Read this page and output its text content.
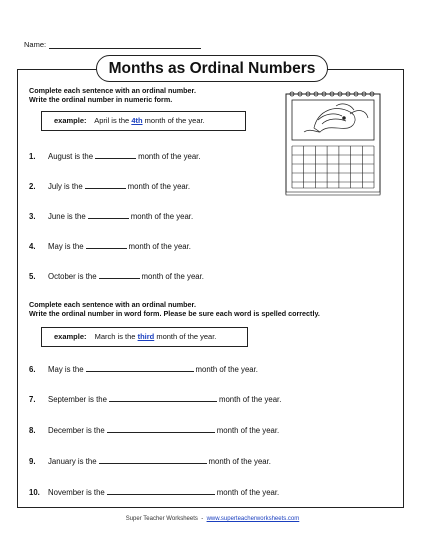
Name:
Months as Ordinal Numbers
Complete each sentence with an ordinal number.
Write the ordinal number in numeric form.
example: April is the 4th month of the year.
1. August is the	month of the year.
2. July is the	month of the year.
3. June is the	month of the year.
4. May is the	month of the year.
5. October is the	month of the year.
Complete each sentence with an ordinal number.
Write the ordinal number in word form. Please be sure each word is spelled correctly.
example: March is the third month of the year.
6. May is the	month of the year.
7. September is the	month of the year.
8. December is the	month of the year.
9. January is the	month of the year.
10. November is the	month of the year.
Super Teacher Worksheets - www.superteacherworksheets.com
